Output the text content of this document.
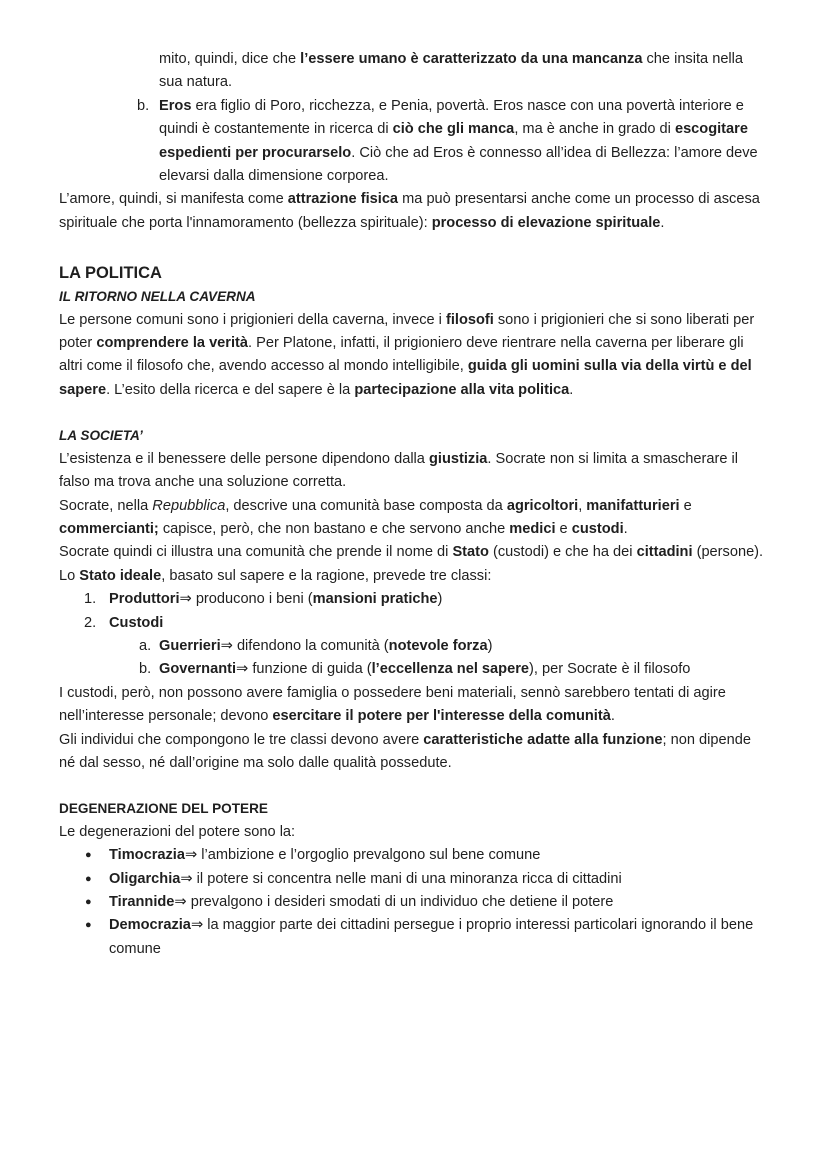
mito, quindi, dice che l’essere umano è caratterizzato da una mancanza che insita nella sua natura.

b. Eros era figlio di Poro, ricchezza, e Penia, povertà. Eros nasce con una povertà interiore e quindi è costantemente in ricerca di ciò che gli manca, ma è anche in grado di escogitare espedienti per procurarselo. Ciò che ad Eros è connesso all’idea di Bellezza: l’amore deve elevarsi dalla dimensione corporea.

L’amore, quindi, si manifesta come attrazione fisica ma può presentarsi anche come un processo di ascesa spirituale che porta l'innamoramento (bellezza spirituale): processo di elevazione spirituale.

LA POLITICA

IL RITORNO NELLA CAVERNA

Le persone comuni sono i prigionieri della caverna, invece i filosofi sono i prigionieri che si sono liberati per poter comprendere la verità. Per Platone, infatti, il prigioniero deve rientrare nella caverna per liberare gli altri come il filosofo che, avendo accesso al mondo intelligibile, guida gli uomini sulla via della virtù e del sapere. L’esito della ricerca e del sapere è la partecipazione alla vita politica.

LA SOCIETA’

L’esistenza e il benessere delle persone dipendono dalla giustizia. Socrate non si limita a smascherare il falso ma trova anche una soluzione corretta.

Socrate, nella Repubblica, descrive una comunità base composta da agricoltori, manifatturieri e commercianti; capisce, però, che non bastano e che servono anche medici e custodi.

Socrate quindi ci illustra una comunità che prende il nome di Stato (custodi) e che ha dei cittadini (persone). Lo Stato ideale, basato sul sapere e la ragione, prevede tre classi:

1. Produttori⇒ producono i beni (mansioni pratiche)
2. Custodi
a. Guerrieri⇒ difendono la comunità (notevole forza)
b. Governanti⇒ funzione di guida (l’eccellenza nel sapere), per Socrate è il filosofo

I custodi, però, non possono avere famiglia o possedere beni materiali, sennò sarebbero tentati di agire nell’interesse personale; devono esercitare il potere per l'interesse della comunità.

Gli individui che compongono le tre classi devono avere caratteristiche adatte alla funzione; non dipende né dal sesso, né dall’origine ma solo dalle qualità possedute.

DEGENERAZIONE DEL POTERE

Le degenerazioni del potere sono la:

● Timocrazia⇒ l’ambizione e l’orgoglio prevalgono sul bene comune
● Oligarchia⇒ il potere si concentra nelle mani di una minoranza ricca di cittadini
● Tirannide⇒ prevalgono i desideri smodati di un individuo che detiene il potere
● Democrazia⇒ la maggior parte dei cittadini persegue i proprio interessi particolari ignorando il bene comune
